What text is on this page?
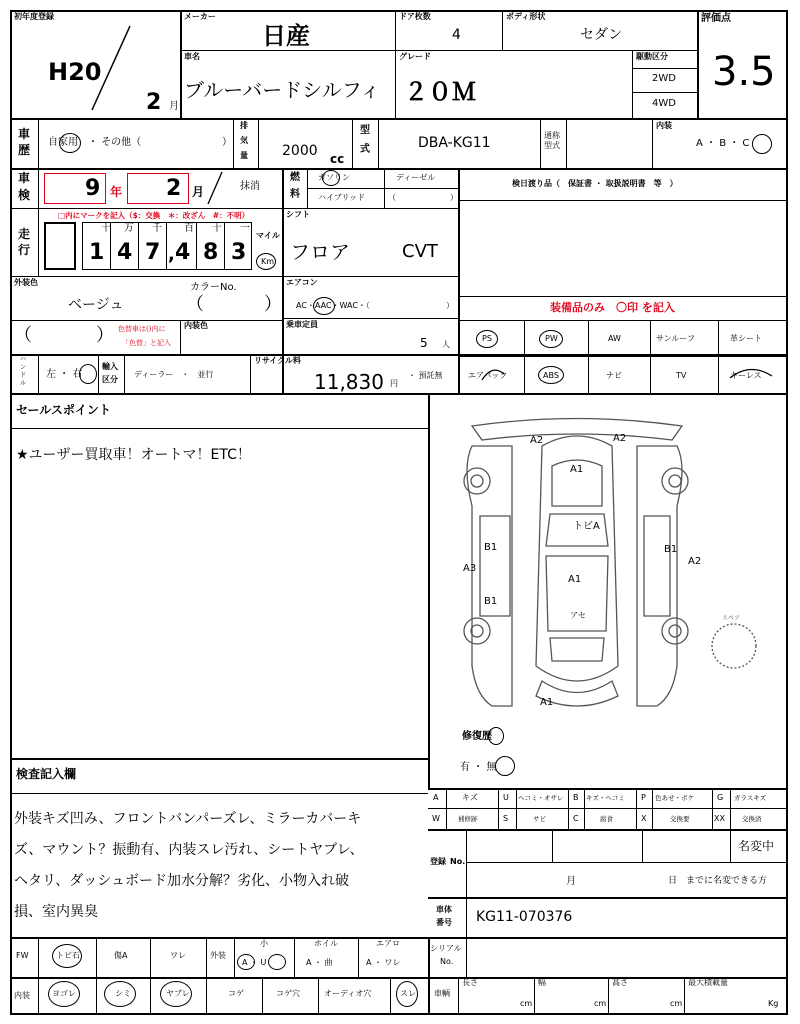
初年度登録
H20
2 月
メーカー
日産
ドア枚数
4
ボディ形状
セダン
評価点
3.5
車名
ブルーバードシルフィ
グレード
２０Ｍ
駆動区分
2WD
4WD
車
歴
自家用　・ その他（	）
排
気
量 2000 cc
型
式	DBA-KG11	通称
型式
内装
A ・ B ・ C
車
検 9 年 2 月	抹消
燃
料
ガソリン	ディーゼル
ハイブリッド	（	）
検日渡り品（　保証書 ・ 取扱説明書　等　）
走
行
□内にマークを記入（$：交換　＊：改ざん　#：不明）
十 万 千 百 十 一
1 4 7 , 4 8 3
マイル
Km
シフト
フロア	CVT
外装色
ベージュ
カラーNo.
（	）
（	） 色替車は()内に
「色替」と記入
内装色
エアコン
AC・AAC・WAC・（	）
乗車定員
5 人
装備品のみ　〇印 を記入
PS	PW	AW	サンルーフ	革シート
エアバック	ABS	ナビ	TV	キーレス
ハ
ン
ド
ル
左 ・ 右
輸入
区分
ディーラー　・　並行
リサイクル料
11,830 円
・ 預託無
セールスポイント
★ユーザー買取車！オートマ！ETC！
検査記入欄
外装キズ凹み、フロントバンパーズレ、ミラーカバーキ
ズ、マウント？振動有、内装スレ汚れ、シートヤブレ、
ヘタリ、ダッシュボード加水分解？劣化、小物入れ破
損、室内異臭
A2	A2
A1
トビA
B1
A3
B1
A1
B1
A2
アセ
A1
スペア
修復歴
有 ・ 無
A	キズ	U ヘコミ・オサレ B キズ・ヘコミ P 色あせ・ボケ	G ガラスキズ
W	補修跡	S	サビ	C	腐食	X	交換要	XX	交換済
登録 No.
名変中
月	日　までに名変できる方
車体
番号 KG11-070376
FW	トビ石	傷A	ワレ	外装
小
A ・ U
ホイル
A ・ 曲
エアロ
A ・ ワレ
シリアル
No.
内装	ヨゴレ	シミ	ヤブレ	コゲ	コゲ穴	オーディオ穴	スレ 車輌
長さ
cm
幅
cm
高さ
cm
最大積載量
Kg
